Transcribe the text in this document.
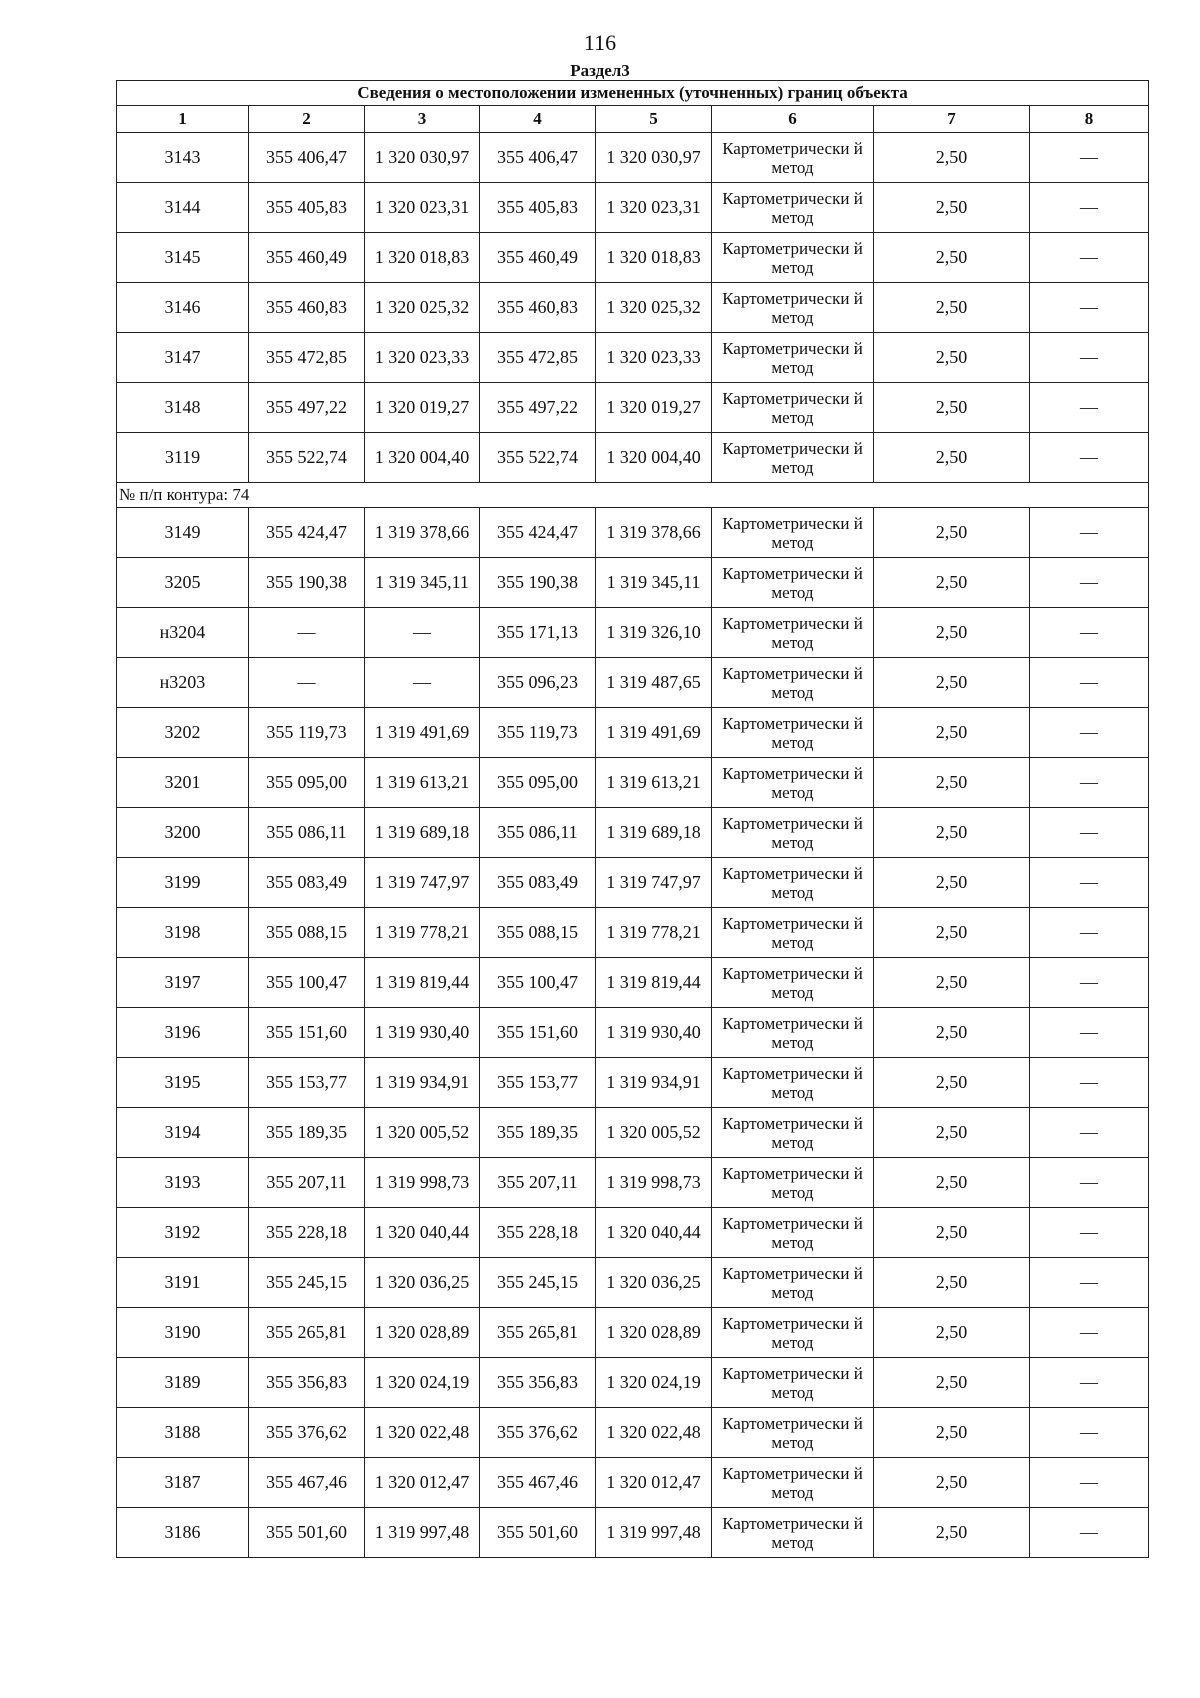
116
Раздел3
Сведения о местоположении измененных (уточненных) границ объекта							
1	2	3	4	5	6	7	8
3143	355 406,47	1 320 030,97	355 406,47	1 320 030,97	Картометрически й метод	2,50	—
3144	355 405,83	1 320 023,31	355 405,83	1 320 023,31	Картометрически й метод	2,50	—
3145	355 460,49	1 320 018,83	355 460,49	1 320 018,83	Картометрически й метод	2,50	—
3146	355 460,83	1 320 025,32	355 460,83	1 320 025,32	Картометрически й метод	2,50	—
3147	355 472,85	1 320 023,33	355 472,85	1 320 023,33	Картометрически й метод	2,50	—
3148	355 497,22	1 320 019,27	355 497,22	1 320 019,27	Картометрически й метод	2,50	—
3119	355 522,74	1 320 004,40	355 522,74	1 320 004,40	Картометрически й метод	2,50	—
№ п/п контура: 74							
3149	355 424,47	1 319 378,66	355 424,47	1 319 378,66	Картометрически й метод	2,50	—
3205	355 190,38	1 319 345,11	355 190,38	1 319 345,11	Картометрически й метод	2,50	—
н3204	—	—	355 171,13	1 319 326,10	Картометрически й метод	2,50	—
н3203	—	—	355 096,23	1 319 487,65	Картометрически й метод	2,50	—
3202	355 119,73	1 319 491,69	355 119,73	1 319 491,69	Картометрически й метод	2,50	—
3201	355 095,00	1 319 613,21	355 095,00	1 319 613,21	Картометрически й метод	2,50	—
3200	355 086,11	1 319 689,18	355 086,11	1 319 689,18	Картометрически й метод	2,50	—
3199	355 083,49	1 319 747,97	355 083,49	1 319 747,97	Картометрически й метод	2,50	—
3198	355 088,15	1 319 778,21	355 088,15	1 319 778,21	Картометрически й метод	2,50	—
3197	355 100,47	1 319 819,44	355 100,47	1 319 819,44	Картометрически й метод	2,50	—
3196	355 151,60	1 319 930,40	355 151,60	1 319 930,40	Картометрически й метод	2,50	—
3195	355 153,77	1 319 934,91	355 153,77	1 319 934,91	Картометрически й метод	2,50	—
3194	355 189,35	1 320 005,52	355 189,35	1 320 005,52	Картометрически й метод	2,50	—
3193	355 207,11	1 319 998,73	355 207,11	1 319 998,73	Картометрически й метод	2,50	—
3192	355 228,18	1 320 040,44	355 228,18	1 320 040,44	Картометрически й метод	2,50	—
3191	355 245,15	1 320 036,25	355 245,15	1 320 036,25	Картометрически й метод	2,50	—
3190	355 265,81	1 320 028,89	355 265,81	1 320 028,89	Картометрически й метод	2,50	—
3189	355 356,83	1 320 024,19	355 356,83	1 320 024,19	Картометрически й метод	2,50	—
3188	355 376,62	1 320 022,48	355 376,62	1 320 022,48	Картометрически й метод	2,50	—
3187	355 467,46	1 320 012,47	355 467,46	1 320 012,47	Картометрически й метод	2,50	—
3186	355 501,60	1 319 997,48	355 501,60	1 319 997,48	Картометрически й метод	2,50	—
